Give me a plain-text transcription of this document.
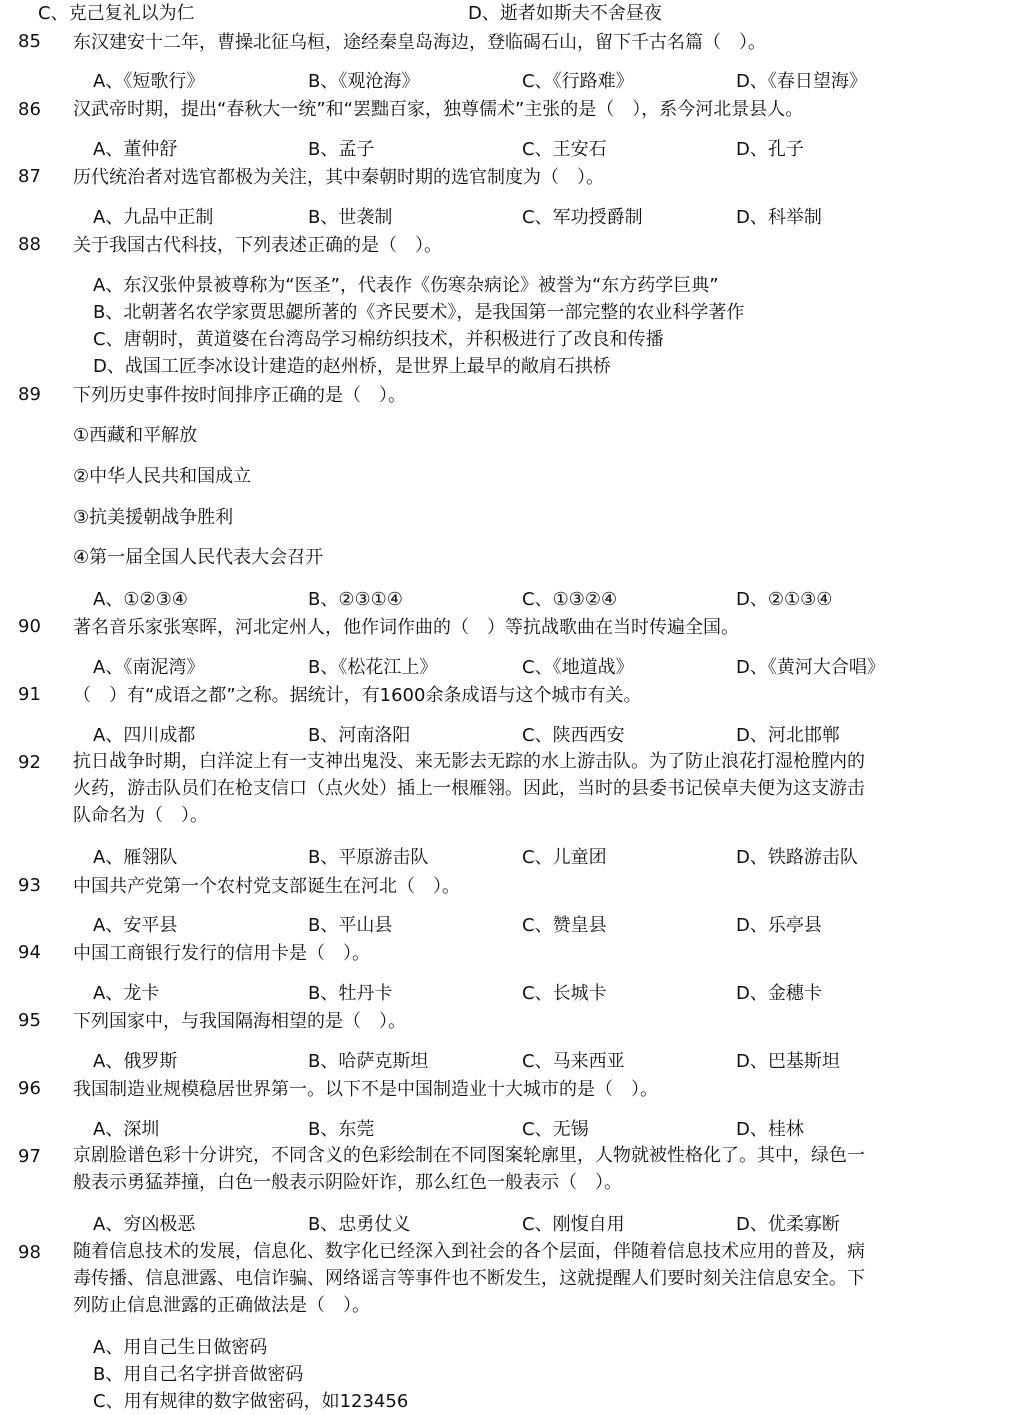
C、克己复礼以为仁	D、逝者如斯夫不舍昼夜
85 东汉建安十二年，曹操北征乌桓，途经秦皇岛海边，登临碣石山，留下千古名篇（　）。
A、《短歌行》	B、《观沧海》	C、《行路难》	D、《春日望海》
86 汉武帝时期，提出“春秋大一统”和“罢黜百家，独尊儒术”主张的是（　），系今河北景县人。
A、董仲舒	B、孟子	C、王安石	D、孔子
87 历代统治者对选官都极为关注，其中秦朝时期的选官制度为（　）。
A、九品中正制	B、世袭制	C、军功授爵制	D、科举制
88 关于我国古代科技，下列表述正确的是（　）。
A、东汉张仲景被尊称为“医圣”，代表作《伤寒杂病论》被誉为“东方药学巨典”
B、北朝著名农学家贾思勰所著的《齐民要术》，是我国第一部完整的农业科学著作
C、唐朝时，黄道婆在台湾岛学习棉纺织技术，并积极进行了改良和传播
D、战国工匠李冰设计建造的赵州桥，是世界上最早的敞肩石拱桥
89 下列历史事件按时间排序正确的是（　）。
①西藏和平解放
②中华人民共和国成立
③抗美援朝战争胜利
④第一届全国人民代表大会召开
A、①②③④	B、②③①④	C、①③②④	D、②①③④
90 著名音乐家张寒晖，河北定州人，他作词作曲的（　）等抗战歌曲在当时传遍全国。
A、《南泥湾》	B、《松花江上》	C、《地道战》	D、《黄河大合唱》
91 （　）有“成语之都”之称。据统计，有1600余条成语与这个城市有关。
A、四川成都	B、河南洛阳	C、陕西西安	D、河北邯郸
92 抗日战争时期，白洋淀上有一支神出鬼没、来无影去无踪的水上游击队。为了防止浪花打湿枪膛内的
火药，游击队员们在枪支信口（点火处）插上一根雁翎。因此，当时的县委书记侯卓夫便为这支游击
队命名为（　）。
A、雁翎队	B、平原游击队	C、儿童团	D、铁路游击队
93 中国共产党第一个农村党支部诞生在河北（　）。
A、安平县	B、平山县	C、赞皇县	D、乐亭县
94 中国工商银行发行的信用卡是（　）。
A、龙卡	B、牡丹卡	C、长城卡	D、金穗卡
95 下列国家中，与我国隔海相望的是（　）。
A、俄罗斯	B、哈萨克斯坦	C、马来西亚	D、巴基斯坦
96 我国制造业规模稳居世界第一。以下不是中国制造业十大城市的是（　）。
A、深圳	B、东莞	C、无锡	D、桂林
97 京剧脸谱色彩十分讲究，不同含义的色彩绘制在不同图案轮廓里，人物就被性格化了。其中，绿色一
般表示勇猛莽撞，白色一般表示阴险奸诈，那么红色一般表示（　）。
A、穷凶极恶	B、忠勇仗义	C、刚愎自用	D、优柔寡断
98 随着信息技术的发展，信息化、数字化已经深入到社会的各个层面，伴随着信息技术应用的普及，病
毒传播、信息泄露、电信诈骗、网络谣言等事件也不断发生，这就提醒人们要时刻关注信息安全。下
列防止信息泄露的正确做法是（　）。
A、用自己生日做密码
B、用自己名字拼音做密码
C、用有规律的数字做密码，如123456
